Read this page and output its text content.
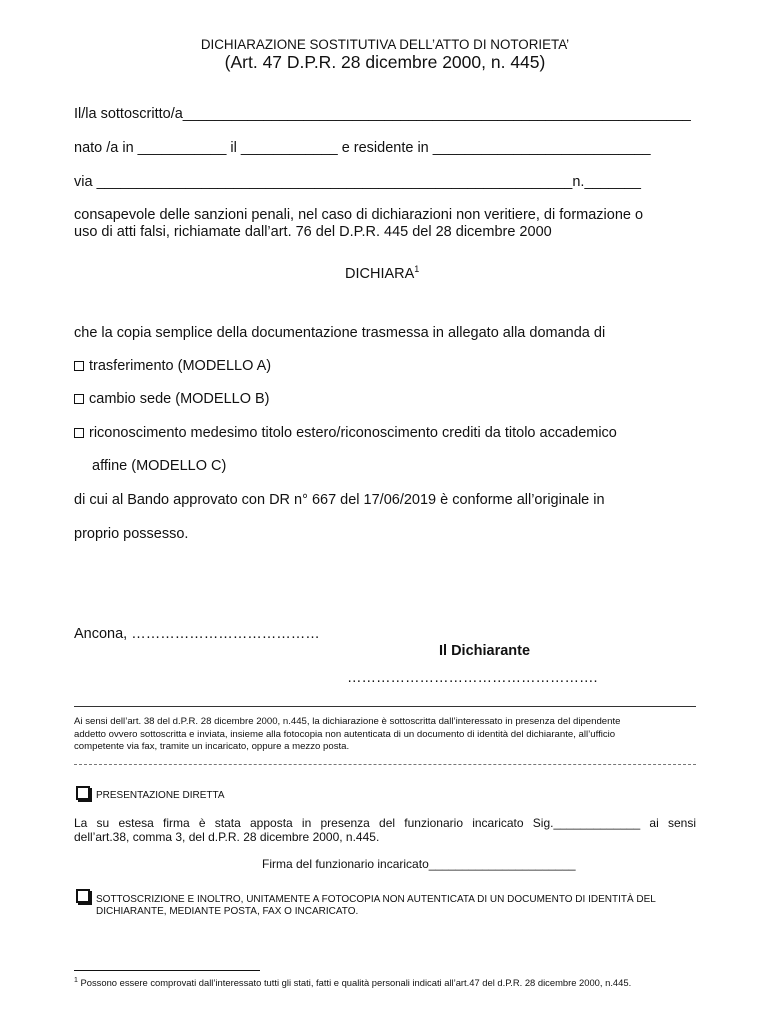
DICHIARAZIONE SOSTITUTIVA DELL’ATTO DI NOTORIETA’
(Art. 47 D.P.R. 28 dicembre 2000, n. 445)
Il/la sottoscritto/a_______________________________________________________________
nato /a in ___________ il ____________ e residente in ___________________________
via ___________________________________________________________n._______
consapevole delle sanzioni penali, nel caso di dichiarazioni non veritiere, di formazione o
uso di atti falsi, richiamate dall’art. 76 del D.P.R. 445 del 28 dicembre 2000
DICHIARA$^1$
che la copia semplice della documentazione trasmessa in allegato alla domanda di
trasferimento (MODELLO A)
cambio sede (MODELLO B)
riconoscimento medesimo titolo estero/riconoscimento crediti da titolo accademico
affine (MODELLO C)
di cui al Bando approvato con DR n° 667 del 17/06/2019 è conforme all’originale in
proprio possesso.
Ancona, …………………………………
Il Dichiarante
…………………………………………….
Ai sensi dell’art. 38 del d.P.R. 28 dicembre 2000, n.445, la dichiarazione è sottoscritta dall’interessato in presenza del dipendente
addetto ovvero sottoscritta e inviata, insieme alla fotocopia non autenticata di un documento di identità del dichiarante, all’ufficio
competente via fax, tramite un incaricato, oppure a mezzo posta.
PRESENTAZIONE DIRETTA
La su estesa firma è stata apposta in presenza del funzionario incaricato Sig._____________ ai sensi
dell’art.38, comma 3, del d.P.R. 28 dicembre 2000, n.445.
Firma del funzionario incaricato______________________
SOTTOSCRIZIONE E INOLTRO, UNITAMENTE A FOTOCOPIA NON AUTENTICATA DI UN DOCUMENTO DI IDENTITÀ DEL
DICHIARANTE, MEDIANTE POSTA, FAX O INCARICATO.
$^1$ Possono essere comprovati dall’interessato tutti gli stati, fatti e qualità personali indicati all’art.47 del d.P.R. 28 dicembre 2000, n.445.
